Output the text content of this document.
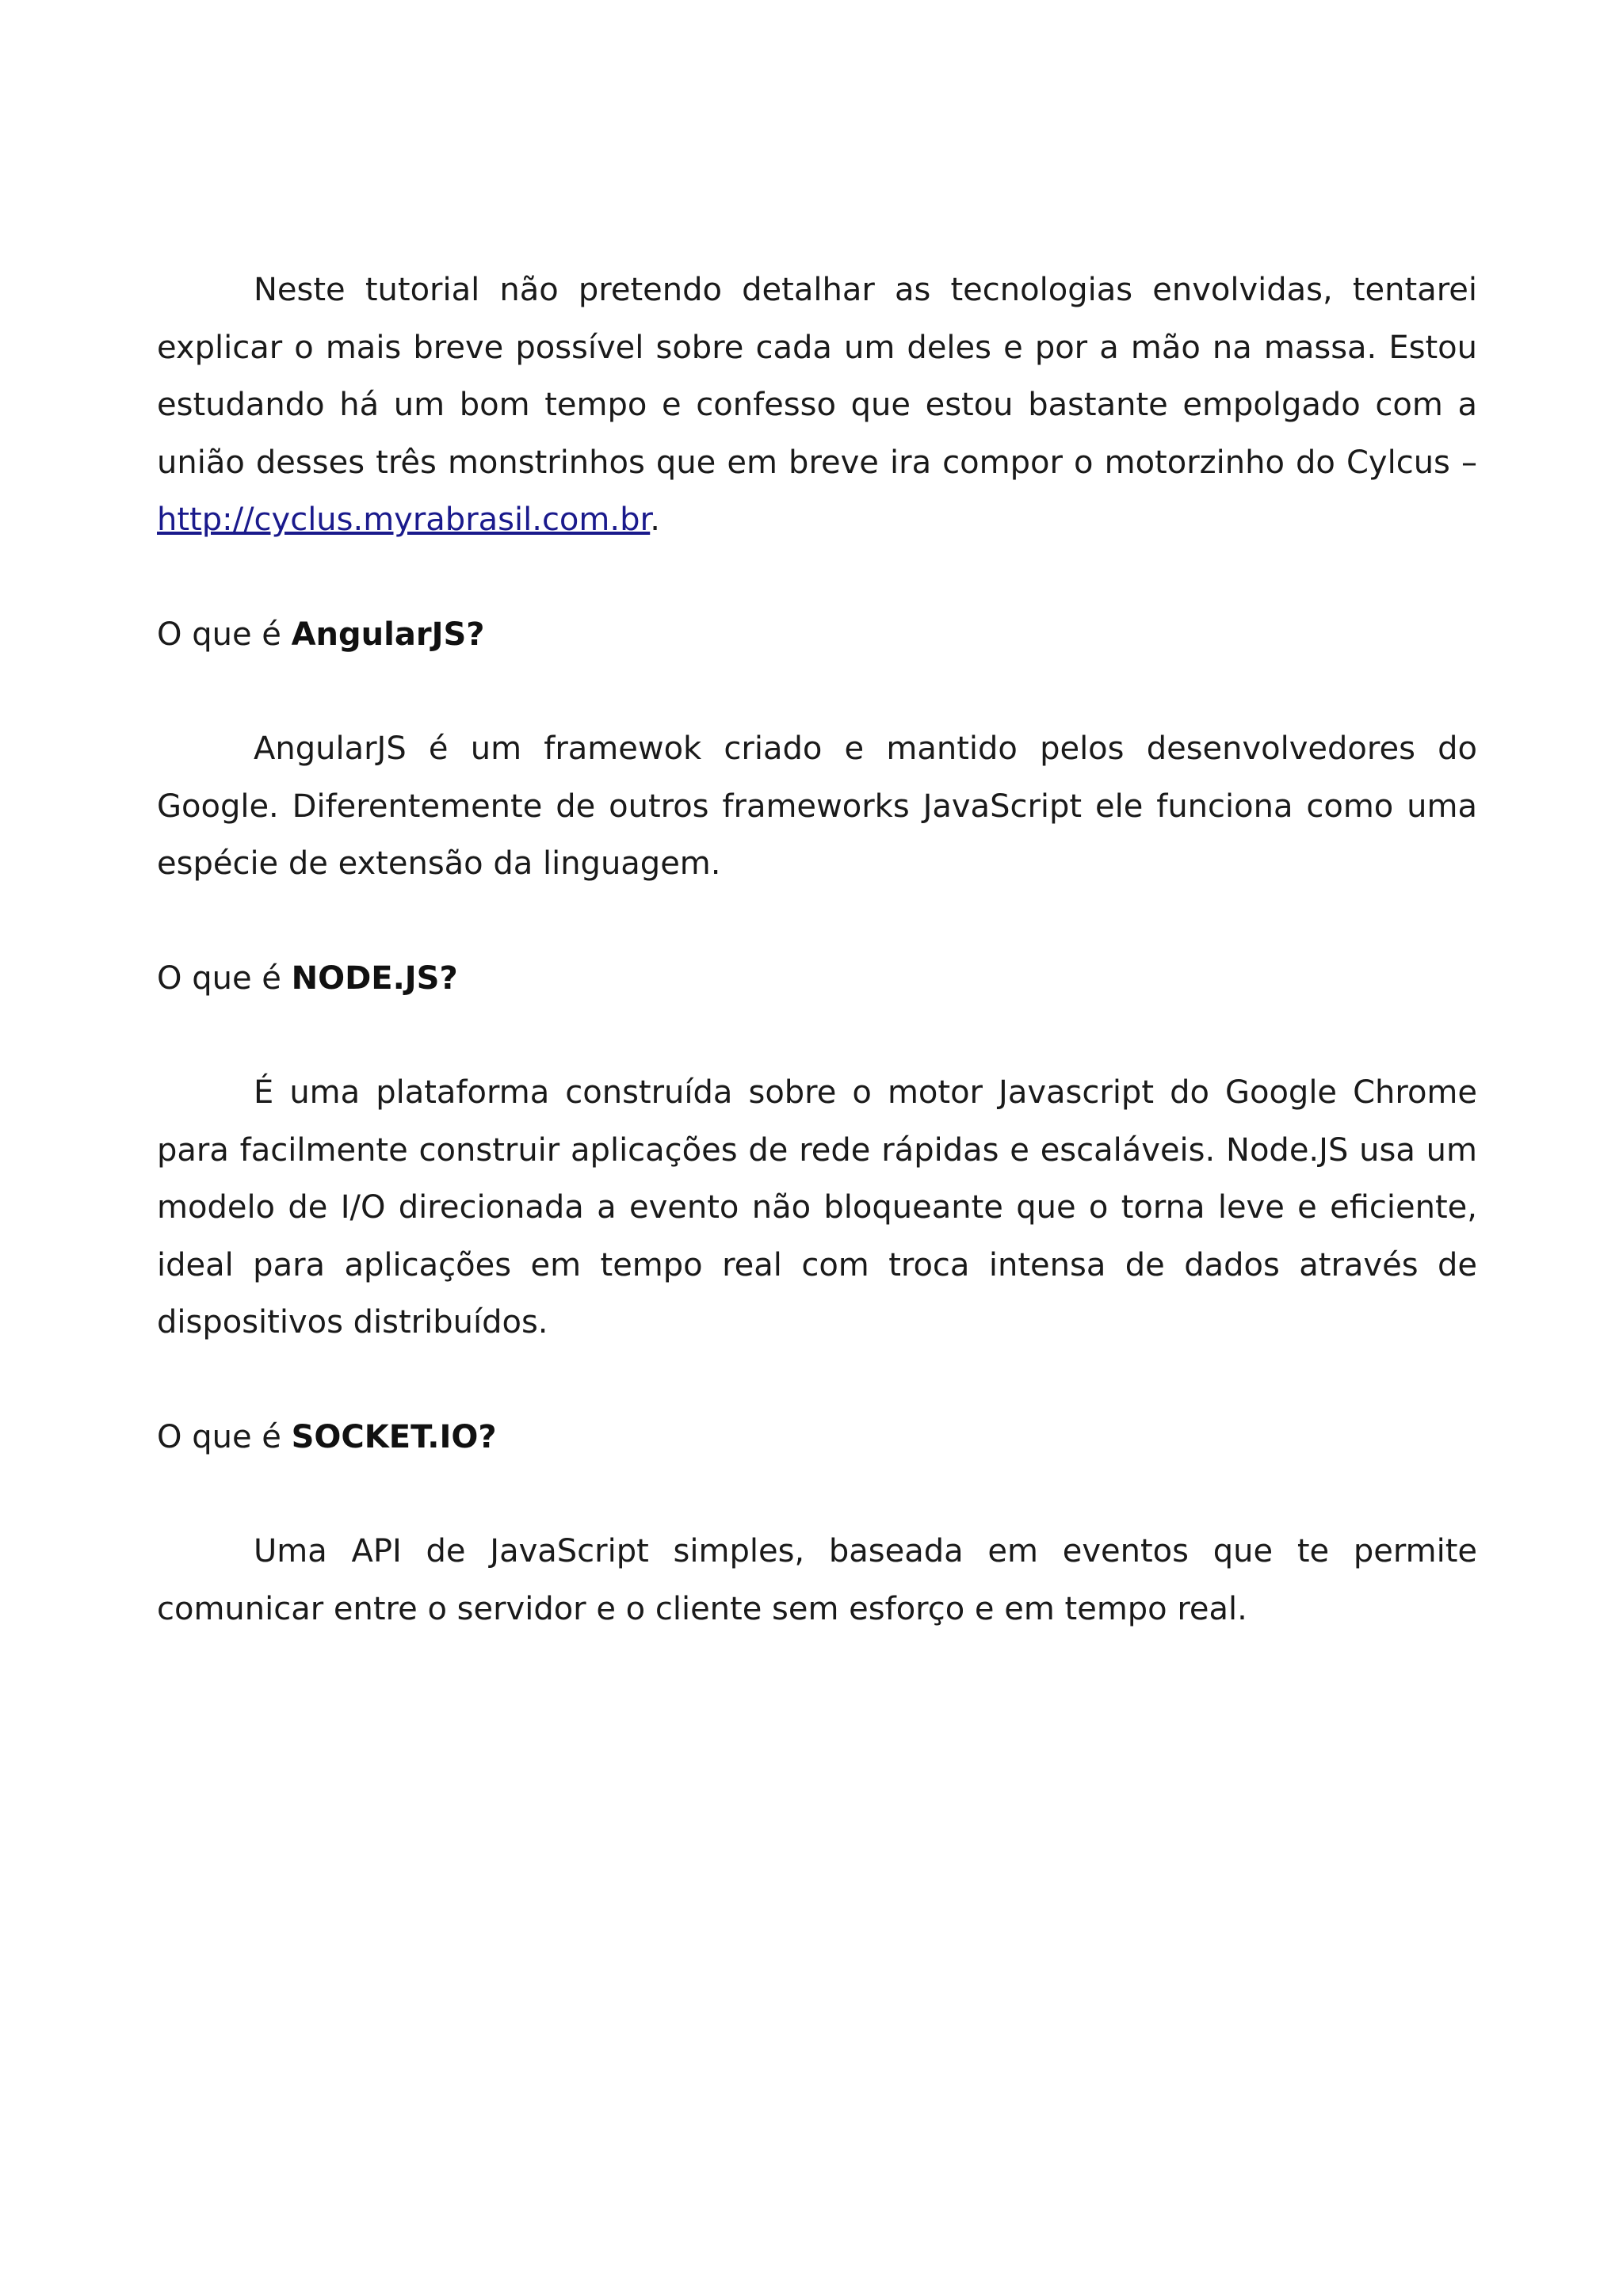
Neste tutorial não pretendo detalhar as tecnologias envolvidas, tentarei explicar o mais breve possível sobre cada um deles e por a mão na massa. Estou estudando há um bom tempo e confesso que estou bastante empolgado com a união desses três monstrinhos que em breve ira compor o motorzinho do Cylcus – http://cyclus.myrabrasil.com.br.

O que é AngularJS?

AngularJS é um framewok criado e mantido pelos desenvolvedores do Google. Diferentemente de outros frameworks JavaScript ele funciona como uma espécie de extensão da linguagem.

O que é NODE.JS?

É uma plataforma construída sobre o motor Javascript do Google Chrome para facilmente construir aplicações de rede rápidas e escaláveis. Node.JS usa um modelo de I/O direcionada a evento não bloqueante que o torna leve e eficiente, ideal para aplicações em tempo real com troca intensa de dados através de dispositivos distribuídos.

O que é SOCKET.IO?

Uma API de JavaScript simples, baseada em eventos que te permite comunicar entre o servidor e o cliente sem esforço e em tempo real.
